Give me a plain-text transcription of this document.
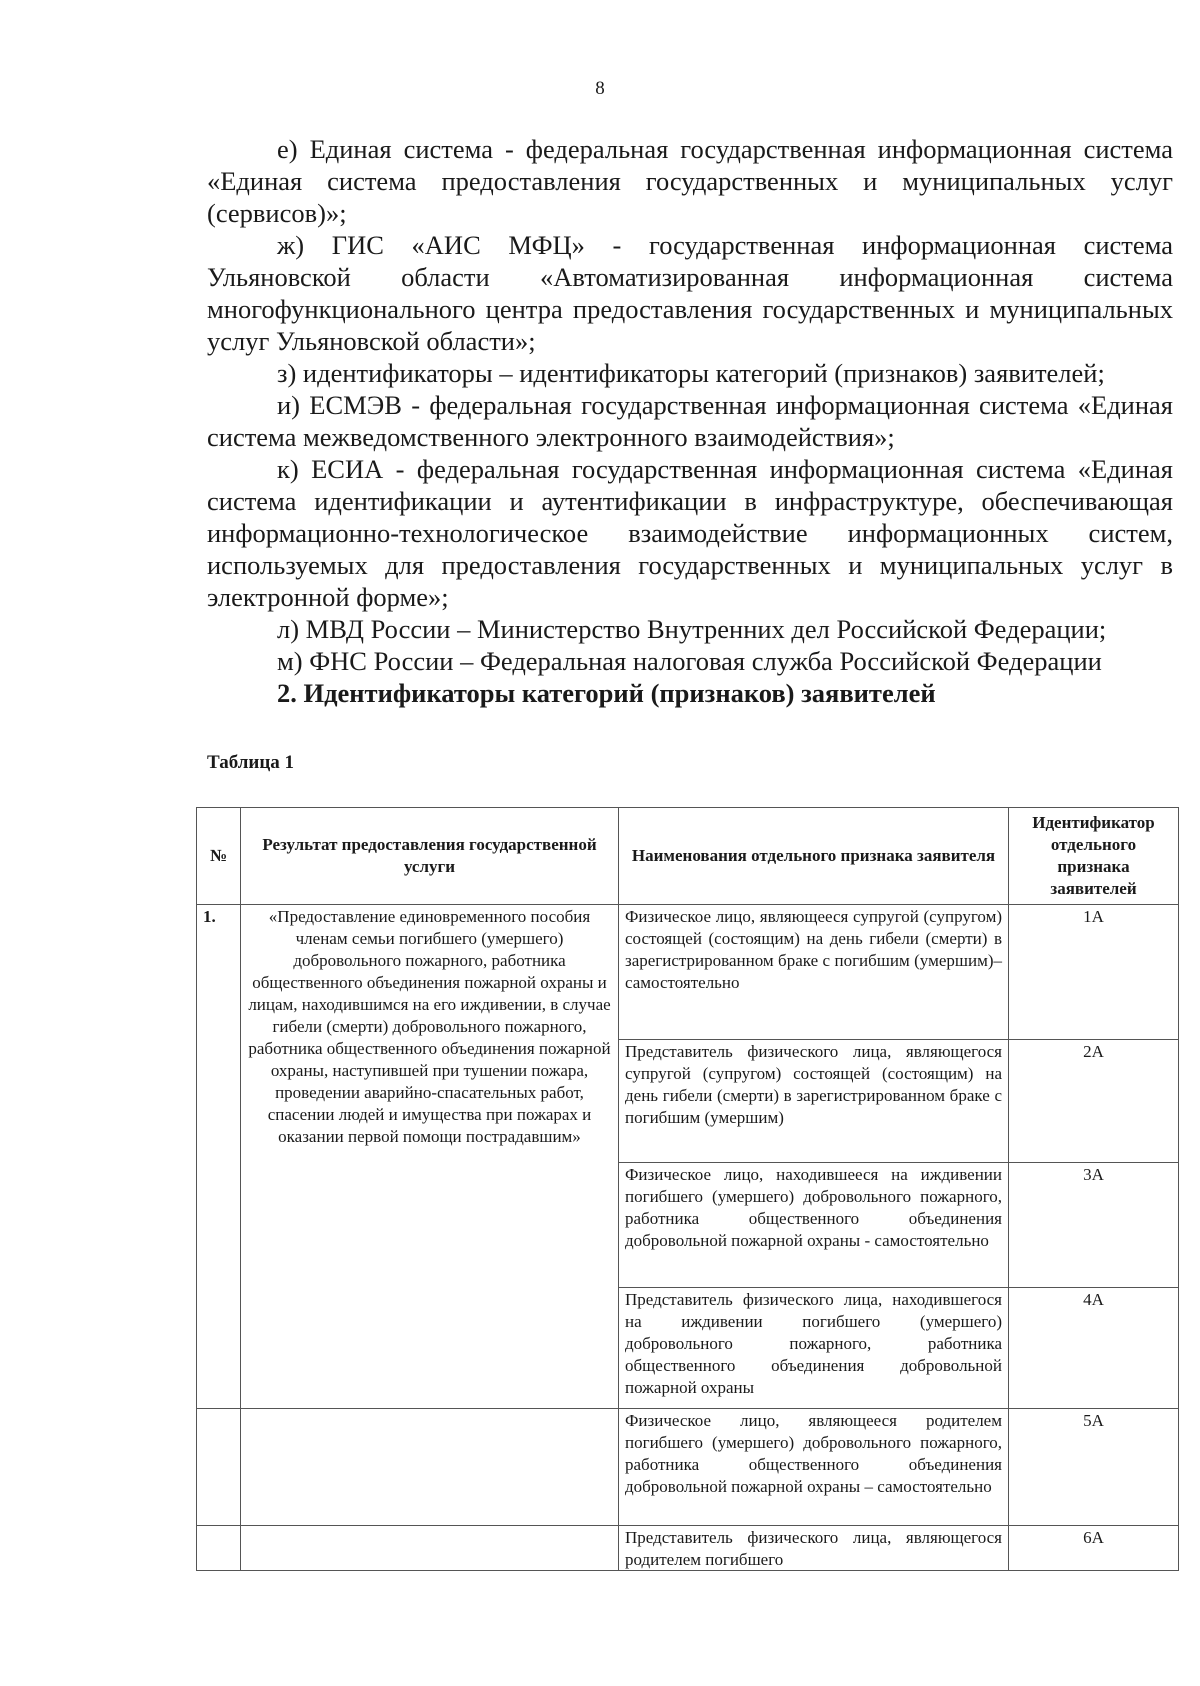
8

е) Единая система - федеральная государственная информационная система «Единая система предоставления государственных и муниципальных услуг (сервисов)»;

ж) ГИС «АИС МФЦ» - государственная информационная система Ульяновской области «Автоматизированная информационная система многофункционального центра предоставления государственных и муниципальных услуг Ульяновской области»;

з) идентификаторы – идентификаторы категорий (признаков) заявителей;

и) ЕСМЭВ - федеральная государственная информационная система «Единая система межведомственного электронного взаимодействия»;

к) ЕСИА - федеральная государственная информационная система «Единая система идентификации и аутентификации в инфраструктуре, обеспечивающая информационно-технологическое взаимодействие информационных систем, используемых для предоставления государственных и муниципальных услуг в электронной форме»;

л) МВД России – Министерство Внутренних дел Российской Федерации;

м) ФНС России – Федеральная налоговая служба Российской Федерации

2. Идентификаторы категорий (признаков) заявителей

Таблица 1
№	Результат предоставления государственной услуги	Наименования отдельного признака заявителя	Идентификатор отдельного признака заявителей
1.	«Предоставление единовременного пособия членам семьи погибшего (умершего) добровольного пожарного, работника общественного объединения пожарной охраны и лицам, находившимся на его иждивении, в случае гибели (смерти) добровольного пожарного, работника общественного объединения пожарной охраны, наступившей при тушении пожара, проведении аварийно-спасательных работ, спасении людей и имущества при пожарах и оказании первой помощи пострадавшим»	Физическое лицо, являющееся супругой (супругом) состоящей (состоящим) на день гибели (смерти) в зарегистрированном браке с погибшим (умершим)– самостоятельно	1А
		Представитель физического лица, являющегося супругой (супругом) состоящей (состоящим) на день гибели (смерти) в зарегистрированном браке с погибшим (умершим)	2А
		Физическое лицо, находившееся на иждивении погибшего (умершего) добровольного пожарного, работника общественного объединения добровольной пожарной охраны - самостоятельно	3А
		Представитель физического лица, находившегося на иждивении погибшего (умершего) добровольного пожарного, работника общественного объединения добровольной пожарной охраны	4А
		Физическое лицо, являющееся родителем погибшего (умершего) добровольного пожарного, работника общественного объединения добровольной пожарной охраны – самостоятельно	5А

		Представитель физического лица, являющегося родителем погибшего	6А
